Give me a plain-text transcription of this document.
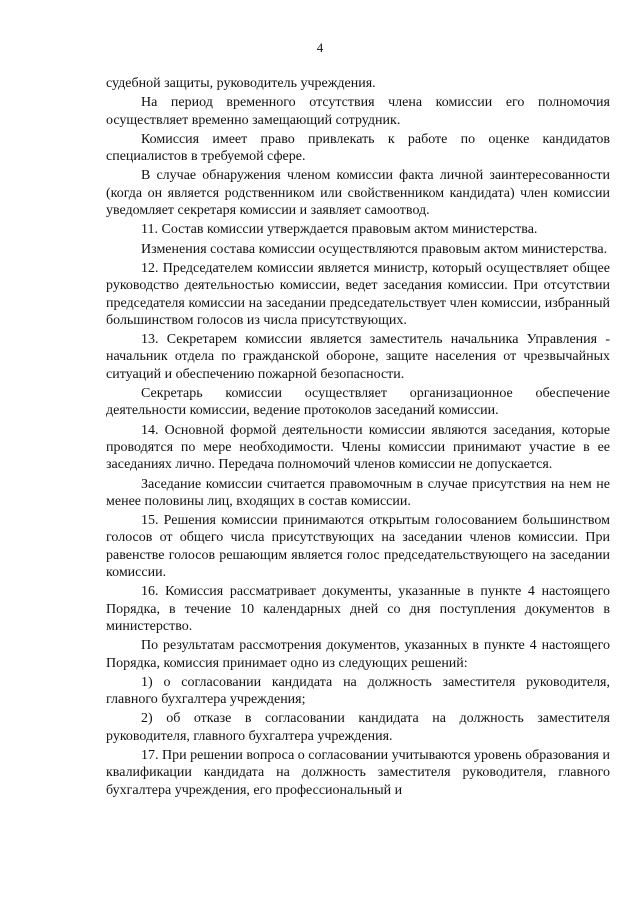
4

судебной защиты, руководитель учреждения.

На период временного отсутствия члена комиссии его полномочия осуществляет временно замещающий сотрудник.

Комиссия имеет право привлекать к работе по оценке кандидатов специалистов в требуемой сфере.

В случае обнаружения членом комиссии факта личной заинтересованности (когда он является родственником или свойственником кандидата) член комиссии уведомляет секретаря комиссии и заявляет самоотвод.

11. Состав комиссии утверждается правовым актом министерства.

Изменения состава комиссии осуществляются правовым актом министерства.

12. Председателем комиссии является министр, который осуществляет общее руководство деятельностью комиссии, ведет заседания комиссии. При отсутствии председателя комиссии на заседании председательствует член комиссии, избранный большинством голосов из числа присутствующих.

13. Секретарем комиссии является заместитель начальника Управления - начальник отдела по гражданской обороне, защите населения от чрезвычайных ситуаций и обеспечению пожарной безопасности.

Секретарь комиссии осуществляет организационное обеспечение деятельности комиссии, ведение протоколов заседаний комиссии.

14. Основной формой деятельности комиссии являются заседания, которые проводятся по мере необходимости. Члены комиссии принимают участие в ее заседаниях лично. Передача полномочий членов комиссии не допускается.

Заседание комиссии считается правомочным в случае присутствия на нем не менее половины лиц, входящих в состав комиссии.

15. Решения комиссии принимаются открытым голосованием большинством голосов от общего числа присутствующих на заседании членов комиссии. При равенстве голосов решающим является голос председательствующего на заседании комиссии.

16. Комиссия рассматривает документы, указанные в пункте 4 настоящего Порядка, в течение 10 календарных дней со дня поступления документов в министерство.

По результатам рассмотрения документов, указанных в пункте 4 настоящего Порядка, комиссия принимает одно из следующих решений:

1) о согласовании кандидата на должность заместителя руководителя, главного бухгалтера учреждения;

2) об отказе в согласовании кандидата на должность заместителя руководителя, главного бухгалтера учреждения.

17. При решении вопроса о согласовании учитываются уровень образования и квалификации кандидата на должность заместителя руководителя, главного бухгалтера учреждения, его профессиональный и
